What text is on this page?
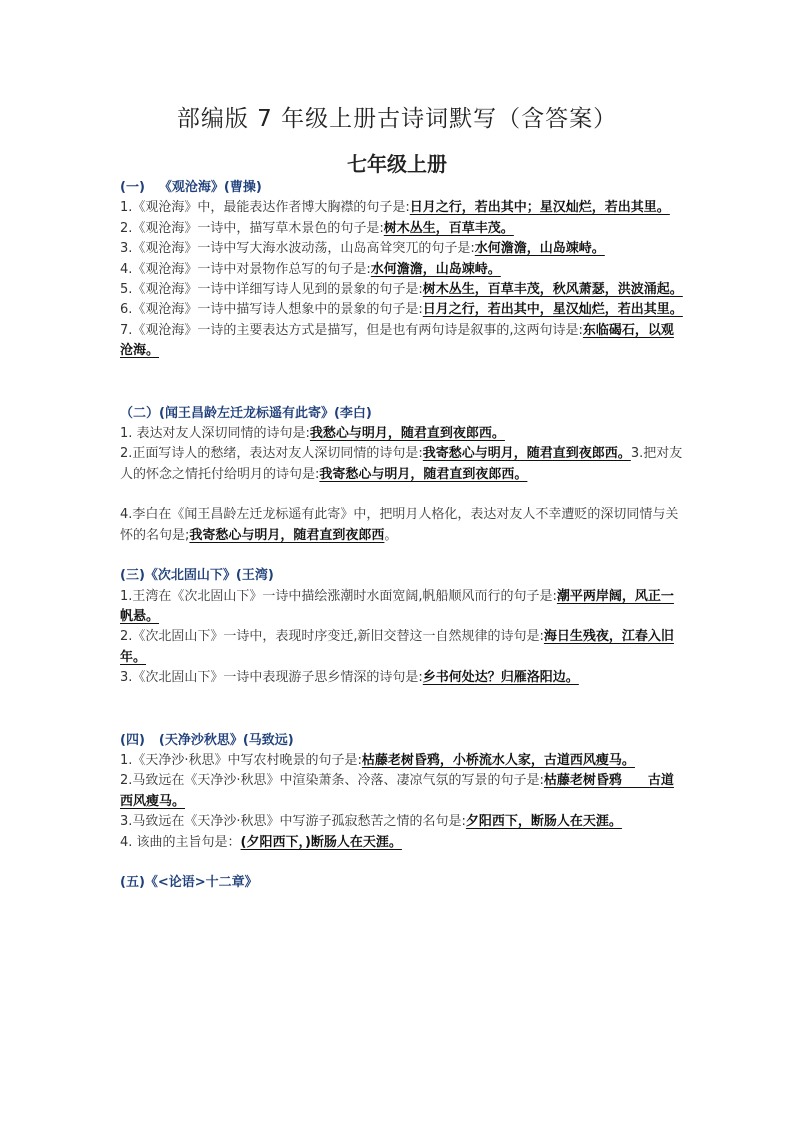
部编版 7 年级上册古诗词默写（含答案）
七年级上册

(一) 《观沧海》(曹操)

1.《观沧海》中，最能表达作者博大胸襟的句子是:日月之行，若出其中；星汉灿烂，若出其里。

2.《观沧海》一诗中，描写草木景色的句子是:树木丛生，百草丰茂。

3.《观沧海》一诗中写大海水波动荡，山岛高耸突兀的句子是:水何澹澹，山岛竦峙。

4.《观沧海》一诗中对景物作总写的句子是:水何澹澹，山岛竦峙。

5.《观沧海》一诗中详细写诗人见到的景象的句子是:树木丛生，百草丰茂，秋风萧瑟，洪波涌起。

6.《观沧海》一诗中描写诗人想象中的景象的句子是:日月之行，若出其中，星汉灿烂，若出其里。

7.《观沧海》一诗的主要表达方式是描写，但是也有两句诗是叙事的,这两句诗是:东临碣石，以观沧海。

（二）(闻王昌龄左迁龙标遥有此寄》(李白)

1. 表达对友人深切同情的诗句是:我愁心与明月，随君直到夜郎西。

2.正面写诗人的愁绪，表达对友人深切同情的诗句是:我寄愁心与明月，随君直到夜郎西。3.把对友人的怀念之情托付给明月的诗句是:我寄愁心与明月，随君直到夜郎西。

4.李白在《闻王昌龄左迁龙标遥有此寄》中，把明月人格化，表达对友人不幸遭贬的深切同情与关怀的名句是;我寄愁心与明月，随君直到夜郎西。

(三)《次北固山下》(王湾)

1.王湾在《次北固山下》一诗中描绘涨潮时水面宽阔,帆船顺风而行的句子是:潮平两岸阔，风正一帆悬。

2.《次北固山下》一诗中，表现时序变迁,新旧交替这一自然规律的诗句是:海日生残夜，江春入旧年。

3.《次北固山下》一诗中表现游子思乡情深的诗句是:乡书何处达？归雁洛阳边。

(四) (天净沙秋思》(马致远)

1.《天净沙·秋思》中写农村晚景的句子是:枯藤老树昏鸦，小桥流水人家，古道西风瘦马。

2.马致远在《天净沙·秋思》中渲染萧条、冷落、凄凉气氛的写景的句子是:枯藤老树昏鸦　　古道西风瘦马。

3.马致远在《天净沙·秋思》中写游子孤寂愁苦之情的名句是:夕阳西下，断肠人在天涯。

4. 该曲的主旨句是：(夕阳西下，)断肠人在天涯。

(五)《<论语>十二章》
